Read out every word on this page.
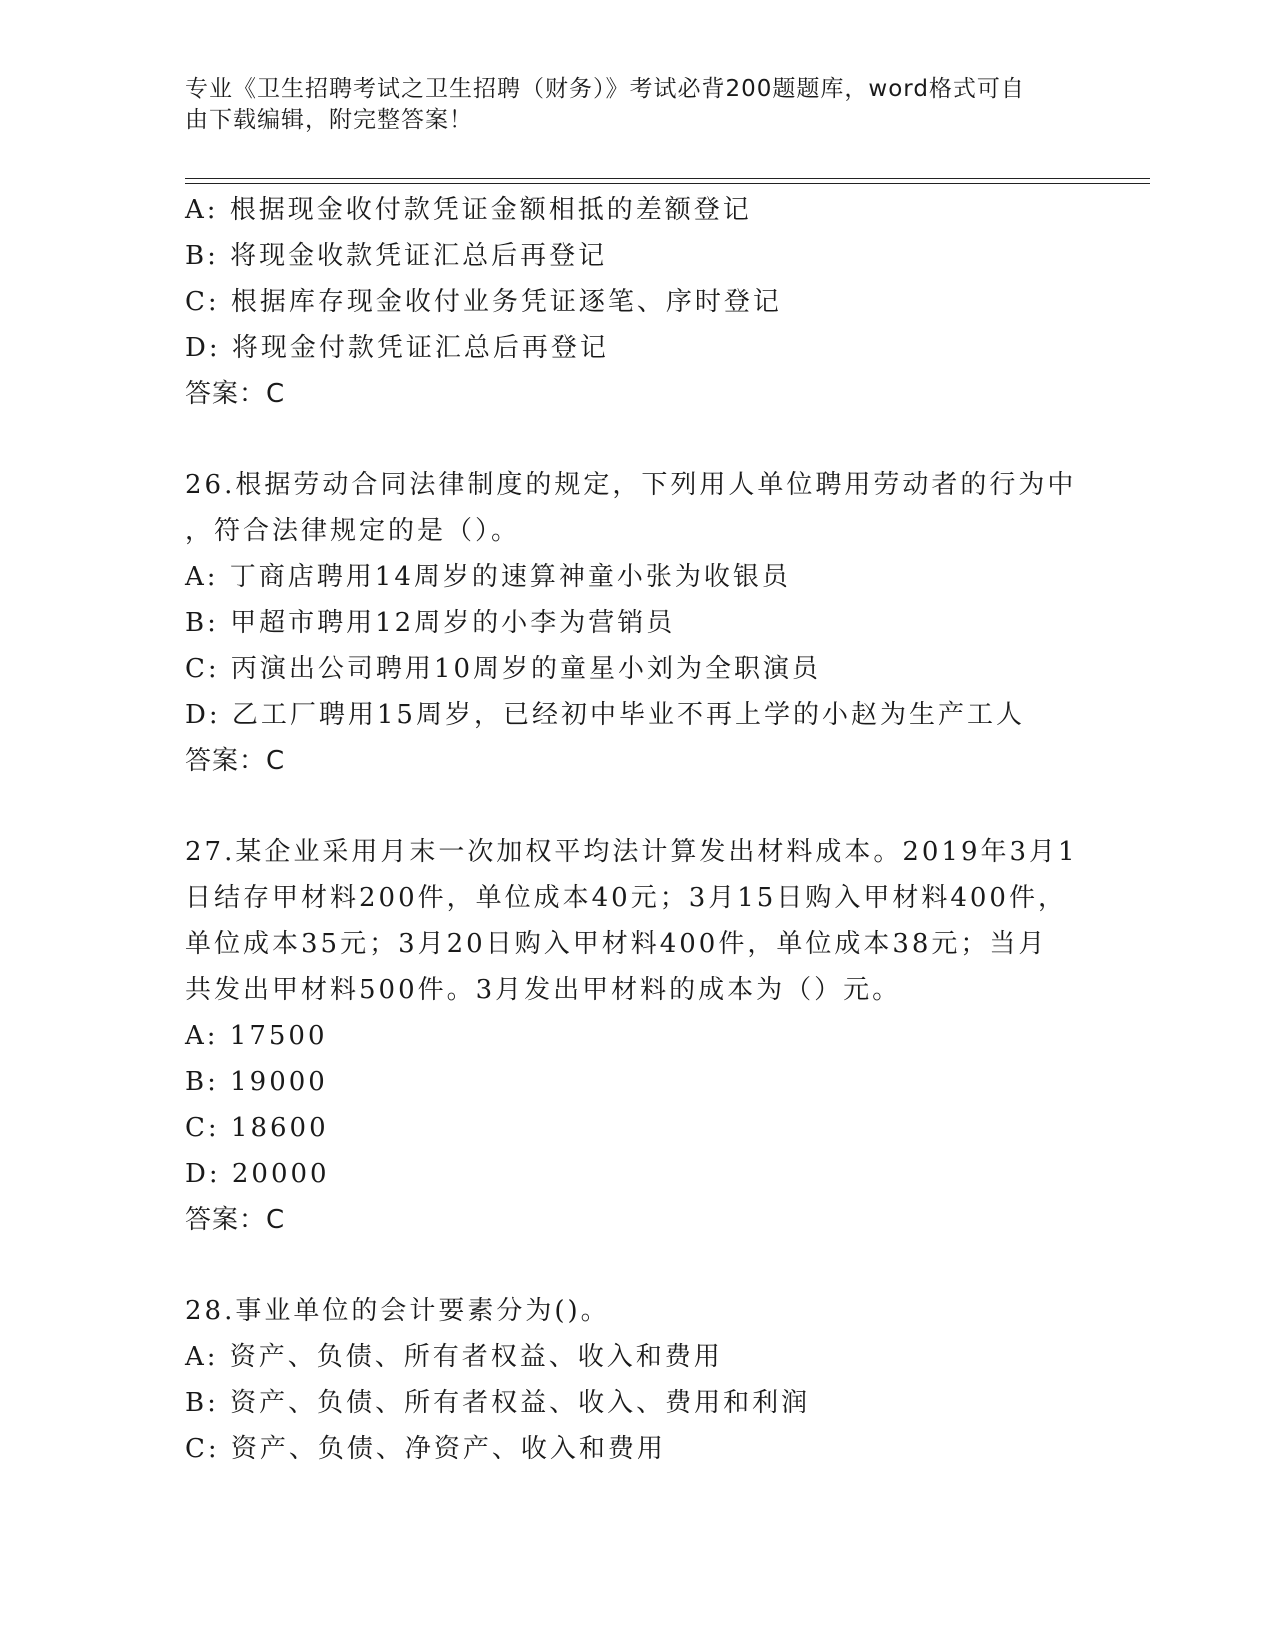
专业《卫生招聘考试之卫生招聘（财务）》考试必背200题题库，word格式可自
由下载编辑，附完整答案！
A: 根据现金收付款凭证金额相抵的差额登记
B: 将现金收款凭证汇总后再登记
C: 根据库存现金收付业务凭证逐笔、序时登记
D: 将现金付款凭证汇总后再登记
答案：C
26.根据劳动合同法律制度的规定，下列用人单位聘用劳动者的行为中
，符合法律规定的是（）。
A: 丁商店聘用14周岁的速算神童小张为收银员
B: 甲超市聘用12周岁的小李为营销员
C: 丙演出公司聘用10周岁的童星小刘为全职演员
D: 乙工厂聘用15周岁，已经初中毕业不再上学的小赵为生产工人
答案：C
27.某企业采用月末一次加权平均法计算发出材料成本。2019年3月1
日结存甲材料200件，单位成本40元；3月15日购入甲材料400件，
单位成本35元；3月20日购入甲材料400件，单位成本38元；当月
共发出甲材料500件。3月发出甲材料的成本为（）元。
A: 17500
B: 19000
C: 18600
D: 20000
答案：C
28.事业单位的会计要素分为()。
A: 资产、负债、所有者权益、收入和费用
B: 资产、负债、所有者权益、收入、费用和利润
C: 资产、负债、净资产、收入和费用
